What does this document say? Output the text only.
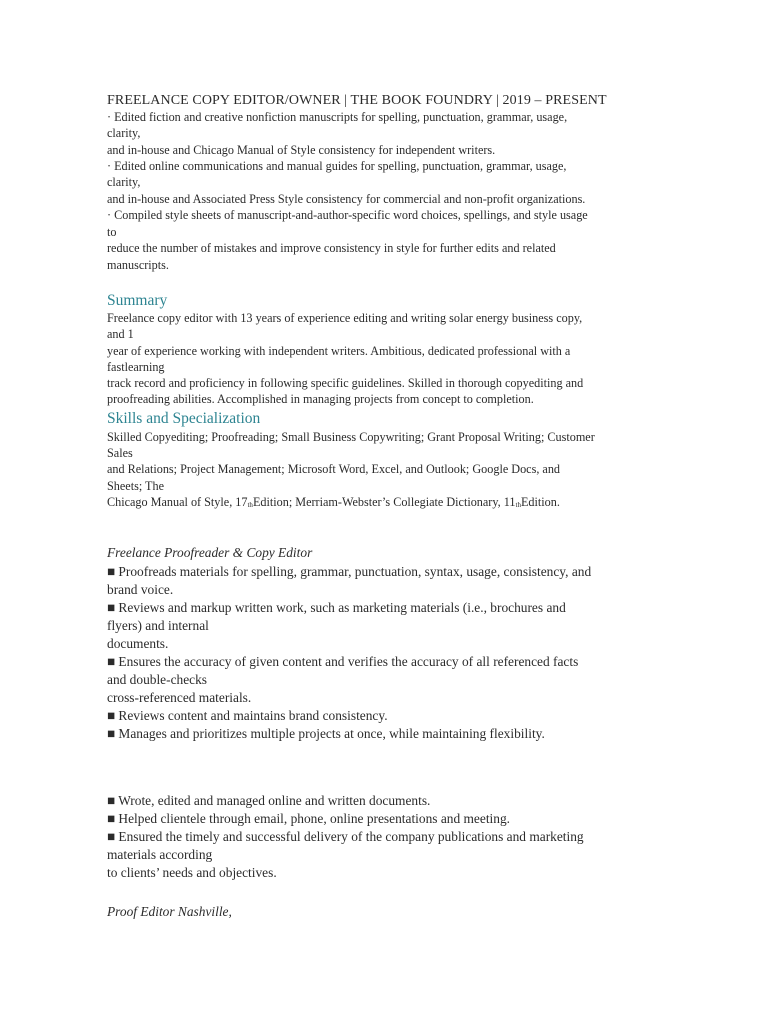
FREELANCE COPY EDITOR/OWNER | THE BOOK FOUNDRY | 2019 – PRESENT
· Edited fiction and creative nonfiction manuscripts for spelling, punctuation, grammar, usage,
clarity,
and in-house and Chicago Manual of Style consistency for independent writers.
· Edited online communications and manual guides for spelling, punctuation, grammar, usage,
clarity,
and in-house and Associated Press Style consistency for commercial and non-profit organizations.
· Compiled style sheets of manuscript-and-author-specific word choices, spellings, and style usage
to
reduce the number of mistakes and improve consistency in style for further edits and related
manuscripts.
Summary
Freelance copy editor with 13 years of experience editing and writing solar energy business copy,
and 1
year of experience working with independent writers. Ambitious, dedicated professional with a
fastlearning
track record and proficiency in following specific guidelines. Skilled in thorough copyediting and
proofreading abilities. Accomplished in managing projects from concept to completion.
Skills and Specialization
Skilled Copyediting; Proofreading; Small Business Copywriting; Grant Proposal Writing; Customer
Sales
and Relations; Project Management; Microsoft Word, Excel, and Outlook; Google Docs, and
Sheets; The
Chicago Manual of Style, $17_{th}Edition$; Merriam-Webster’s Collegiate Dictionary, $11_{th}Edition$.
Freelance Proofreader & Copy Editor
■ Proofreads materials for spelling, grammar, punctuation, syntax, usage, consistency, and
brand voice.
■ Reviews and markup written work, such as marketing materials (i.e., brochures and
flyers) and internal
documents.
■ Ensures the accuracy of given content and verifies the accuracy of all referenced facts
and double-checks
cross-referenced materials.
■ Reviews content and maintains brand consistency.
■ Manages and prioritizes multiple projects at once, while maintaining flexibility.
■ Wrote, edited and managed online and written documents.
■ Helped clientele through email, phone, online presentations and meeting.
■ Ensured the timely and successful delivery of the company publications and marketing
materials according
to clients’ needs and objectives.
Proof Editor Nashville,
